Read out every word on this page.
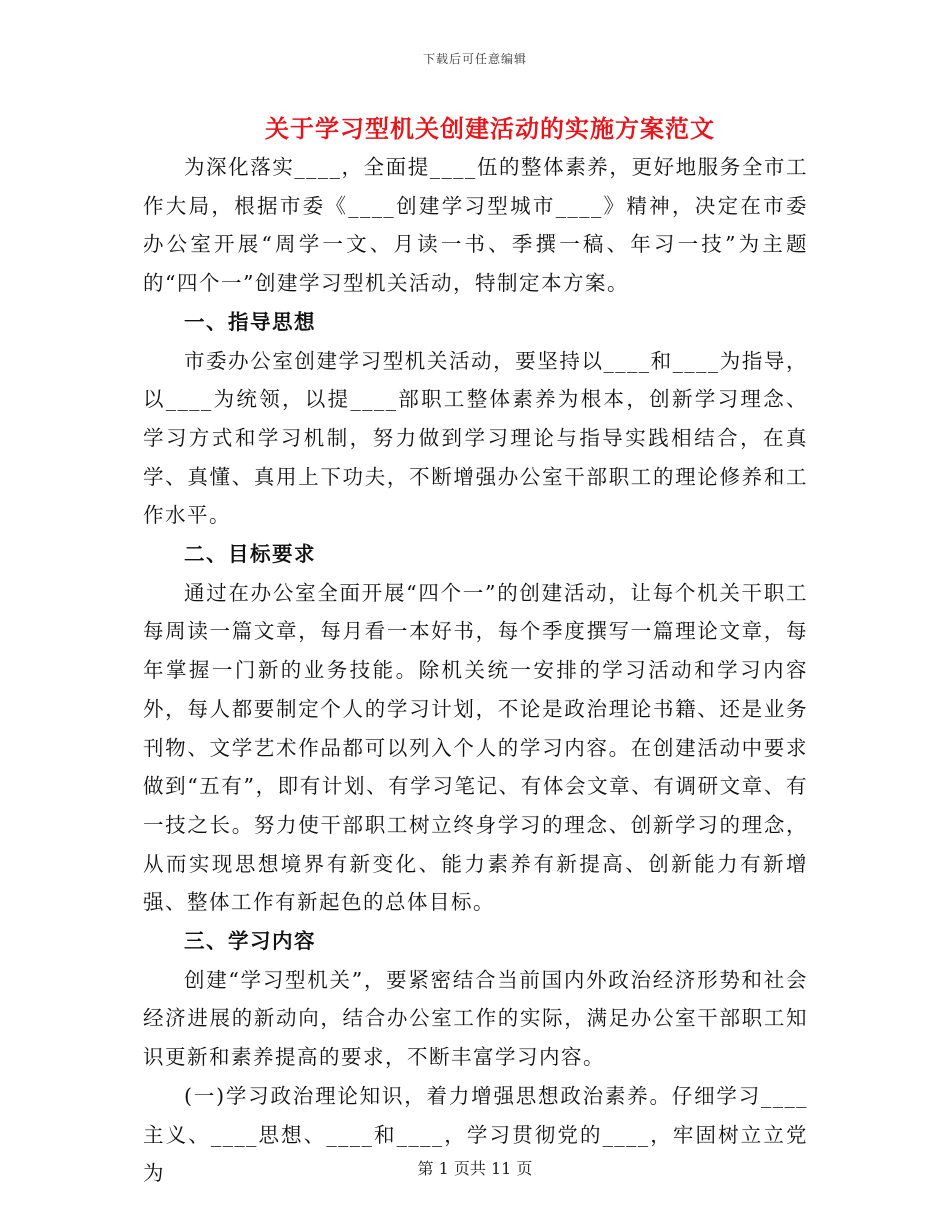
下载后可任意编辑
关于学习型机关创建活动的实施方案范文

为深化落实____，全面提____伍的整体素养，更好地服务全市工作大局，根据市委《____创建学习型城市____》精神，决定在市委办公室开展“周学一文、月读一书、季撰一稿、年习一技”为主题的“四个一”创建学习型机关活动，特制定本方案。

一、指导思想

市委办公室创建学习型机关活动，要坚持以____和____为指导，以____为统领，以提____部职工整体素养为根本，创新学习理念、学习方式和学习机制，努力做到学习理论与指导实践相结合，在真学、真懂、真用上下功夫，不断增强办公室干部职工的理论修养和工作水平。

二、目标要求

通过在办公室全面开展“四个一”的创建活动，让每个机关干职工每周读一篇文章，每月看一本好书，每个季度撰写一篇理论文章，每年掌握一门新的业务技能。除机关统一安排的学习活动和学习内容外，每人都要制定个人的学习计划，不论是政治理论书籍、还是业务刊物、文学艺术作品都可以列入个人的学习内容。在创建活动中要求做到“五有”，即有计划、有学习笔记、有体会文章、有调研文章、有一技之长。努力使干部职工树立终身学习的理念、创新学习的理念，从而实现思想境界有新变化、能力素养有新提高、创新能力有新增强、整体工作有新起色的总体目标。

三、学习内容

创建“学习型机关”，要紧密结合当前国内外政治经济形势和社会经济进展的新动向，结合办公室工作的实际，满足办公室干部职工知识更新和素养提高的要求，不断丰富学习内容。

(一)学习政治理论知识，着力增强思想政治素养。仔细学习____主义、____思想、____和____，学习贯彻党的____，牢固树立立党为	第 1 页共 11 页
